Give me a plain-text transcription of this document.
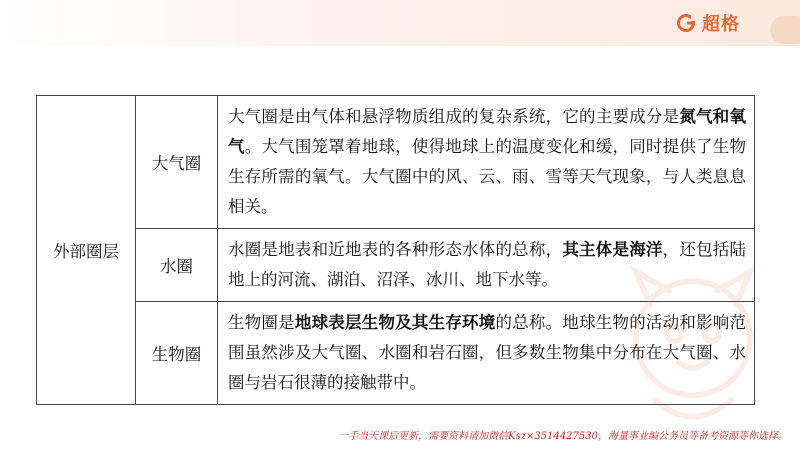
超格
外部圈层	大气圈	大气圈是由气体和悬浮物质组成的复杂系统，它的主要成分是氮气和氧气。大气围笼罩着地球，使得地球上的温度变化和缓，同时提供了生物生存所需的氧气。大气圈中的风、云、雨、雪等天气现象，与人类息息相关。
	水圈	水圈是地表和近地表的各种形态水体的总称，其主体是海洋，还包括陆地上的河流、湖泊、沼泽、冰川、地下水等。
	生物圈	生物圈是地球表层生物及其生存环境的总称。地球生物的活动和影响范围虽然涉及大气圈、水圈和岩石圈，但多数生物集中分布在大气圈、水圈与岩石很薄的接触带中。
一手当天课后更新，需要资料请加微信Ksz×3514427530，海量事业编公务员等备考资源等你选择。
